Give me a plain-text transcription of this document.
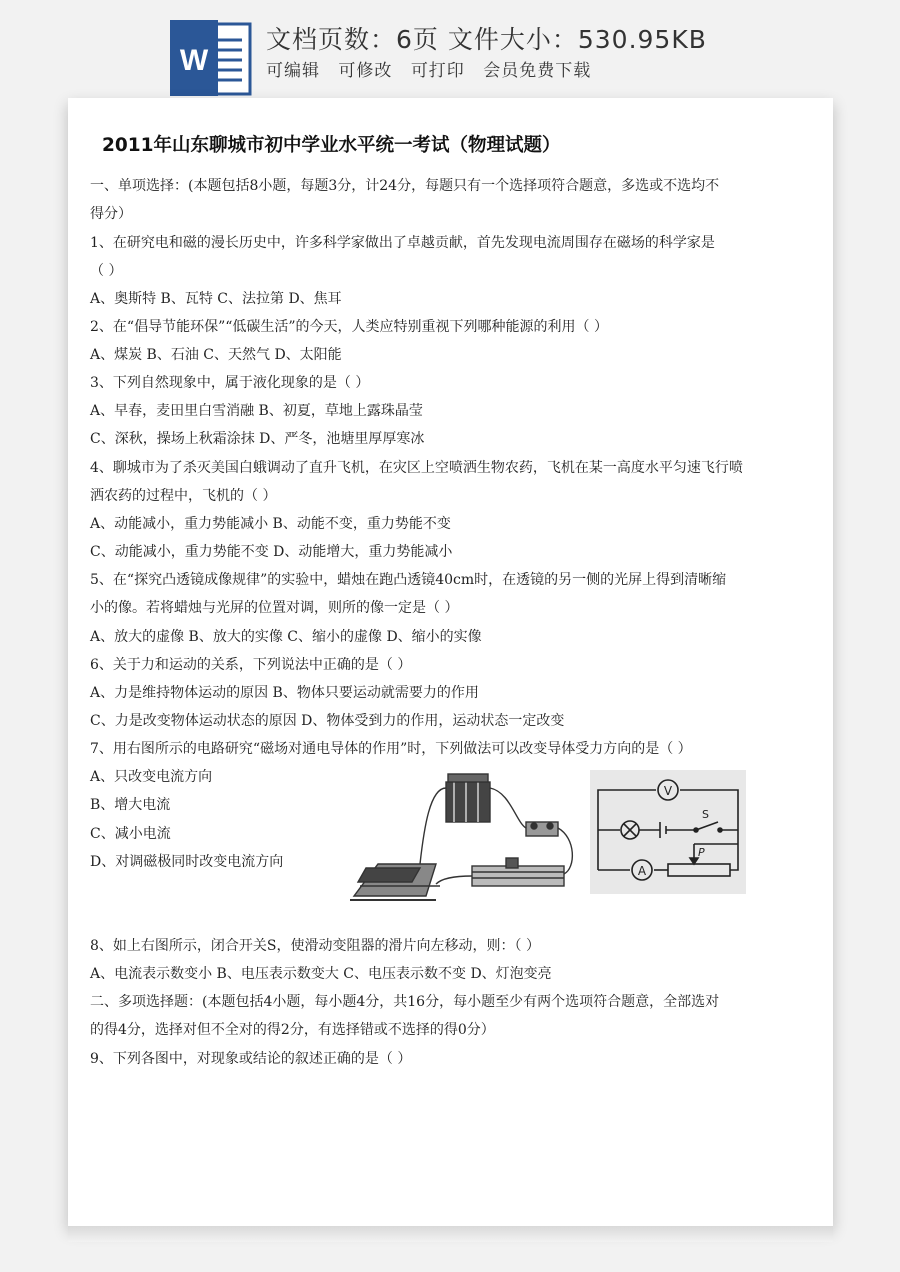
W
文档页数：6页 文件大小：530.95KB
可编辑 可修改 可打印 会员免费下载
2011年山东聊城市初中学业水平统一考试（物理试题）
一、单项选择：(本题包括8小题，每题3分，计24分，每题只有一个选择项符合题意，多选或不选均不
得分）
1、在研究电和磁的漫长历史中，许多科学家做出了卓越贡献，首先发现电流周围存在磁场的科学家是
（ ）
A、奥斯特 B、瓦特 C、法拉第 D、焦耳
2、在“倡导节能环保”“低碳生活”的今天，人类应特别重视下列哪种能源的利用（ ）
A、煤炭 B、石油 C、天然气 D、太阳能
3、下列自然现象中，属于液化现象的是（ ）
A、早春，麦田里白雪消融 B、初夏，草地上露珠晶莹
C、深秋，操场上秋霜涂抹 D、严冬，池塘里厚厚寒冰
4、聊城市为了杀灭美国白蛾调动了直升飞机，在灾区上空喷洒生物农药，飞机在某一高度水平匀速飞行喷
洒农药的过程中，飞机的（ ）
A、动能减小，重力势能减小 B、动能不变，重力势能不变
C、动能减小，重力势能不变 D、动能增大，重力势能减小
5、在“探究凸透镜成像规律”的实验中，蜡烛在跑凸透镜40cm时，在透镜的另一侧的光屏上得到清晰缩
小的像。若将蜡烛与光屏的位置对调，则所的像一定是（ ）
A、放大的虚像 B、放大的实像 C、缩小的虚像 D、缩小的实像
6、关于力和运动的关系，下列说法中正确的是（ ）
A、力是维持物体运动的原因 B、物体只要运动就需要力的作用
C、力是改变物体运动状态的原因 D、物体受到力的作用，运动状态一定改变
7、用右图所示的电路研究“磁场对通电导体的作用”时，下列做法可以改变导体受力方向的是（ ）
A、只改变电流方向
B、增大电流
C、减小电流
D、对调磁极同时改变电流方向
V
S
A
P
8、如上右图所示，闭合开关S，使滑动变阻器的滑片向左移动，则：（ ）
A、电流表示数变小 B、电压表示数变大 C、电压表示数不变 D、灯泡变亮
二、多项选择题：(本题包括4小题，每小题4分，共16分，每小题至少有两个选项符合题意，全部选对
的得4分，选择对但不全对的得2分，有选择错或不选择的得0分）
9、下列各图中，对现象或结论的叙述正确的是（ ）
